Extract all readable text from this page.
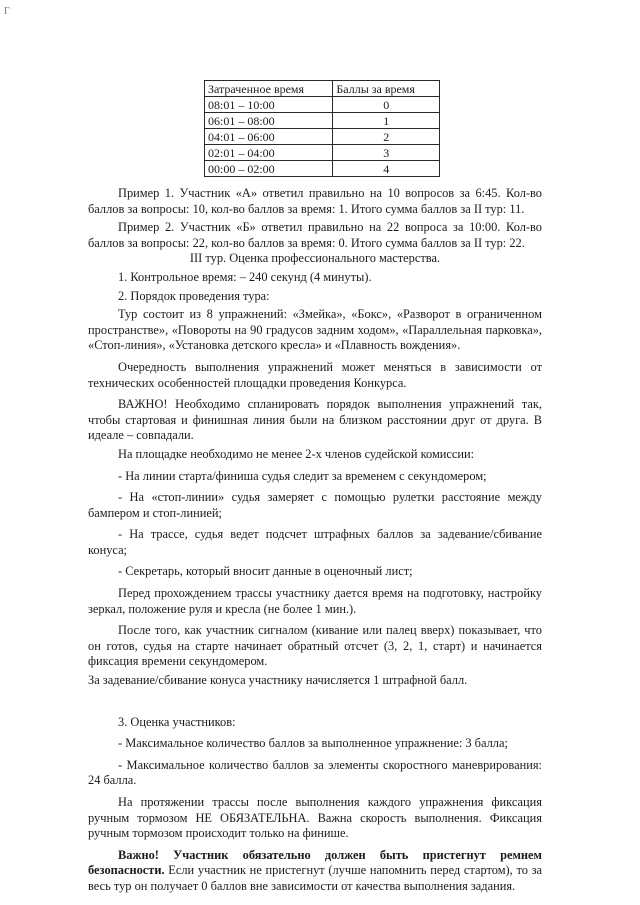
Г
Затраченное время	Баллы за время
08:01 – 10:00	0
06:01 – 08:00	1
04:01 – 06:00	2
02:01 – 04:00	3
00:00 – 02:00	4

Пример 1. Участник «А» ответил правильно на 10 вопросов за 6:45. Кол-во баллов за вопросы: 10, кол-во баллов за время: 1. Итого сумма баллов за II тур: 11.

Пример 2. Участник «Б» ответил правильно на 22 вопроса за 10:00. Кол-во баллов за вопросы: 22, кол-во баллов за время: 0. Итого сумма баллов за II тур: 22.

III тур. Оценка профессионального мастерства.

1. Контрольное время: – 240 секунд (4 минуты).

2. Порядок проведения тура:

Тур состоит из 8 упражнений: «Змейка», «Бокс», «Разворот в ограниченном пространстве», «Повороты на 90 градусов задним ходом», «Параллельная парковка», «Стоп-линия», «Установка детского кресла» и «Плавность вождения».

Очередность выполнения упражнений может меняться в зависимости от технических особенностей площадки проведения Конкурса.

ВАЖНО! Необходимо спланировать порядок выполнения упражнений так, чтобы стартовая и финишная линия были на близком расстоянии друг от друга. В идеале – совпадали.

На площадке необходимо не менее 2-х членов судейской комиссии:

- На линии старта/финиша судья следит за временем с секундомером;

- На «стоп-линии» судья замеряет с помощью рулетки расстояние между бампером и стоп-линией;

- На трассе, судья ведет подсчет штрафных баллов за задевание/сбивание конуса;

- Секретарь, который вносит данные в оценочный лист;

Перед прохождением трассы участнику дается время на подготовку, настройку зеркал, положение руля и кресла (не более 1 мин.).

После того, как участник сигналом (кивание или палец вверх) показывает, что он готов, судья на старте начинает обратный отсчет (3, 2, 1, старт) и начинается фиксация времени секундомером.

За задевание/сбивание конуса участнику начисляется 1 штрафной балл.

3. Оценка участников:

- Максимальное количество баллов за выполненное упражнение: 3 балла;

- Максимальное количество баллов за элементы скоростного маневрирования: 24 балла.

На протяжении трассы после выполнения каждого упражнения фиксация ручным тормозом НЕ ОБЯЗАТЕЛЬНА. Важна скорость выполнения. Фиксация ручным тормозом происходит только на финише.

Важно! Участник обязательно должен быть пристегнут ремнем безопасности. Если участник не пристегнут (лучше напомнить перед стартом), то за весь тур он получает 0 баллов вне зависимости от качества выполнения задания.
